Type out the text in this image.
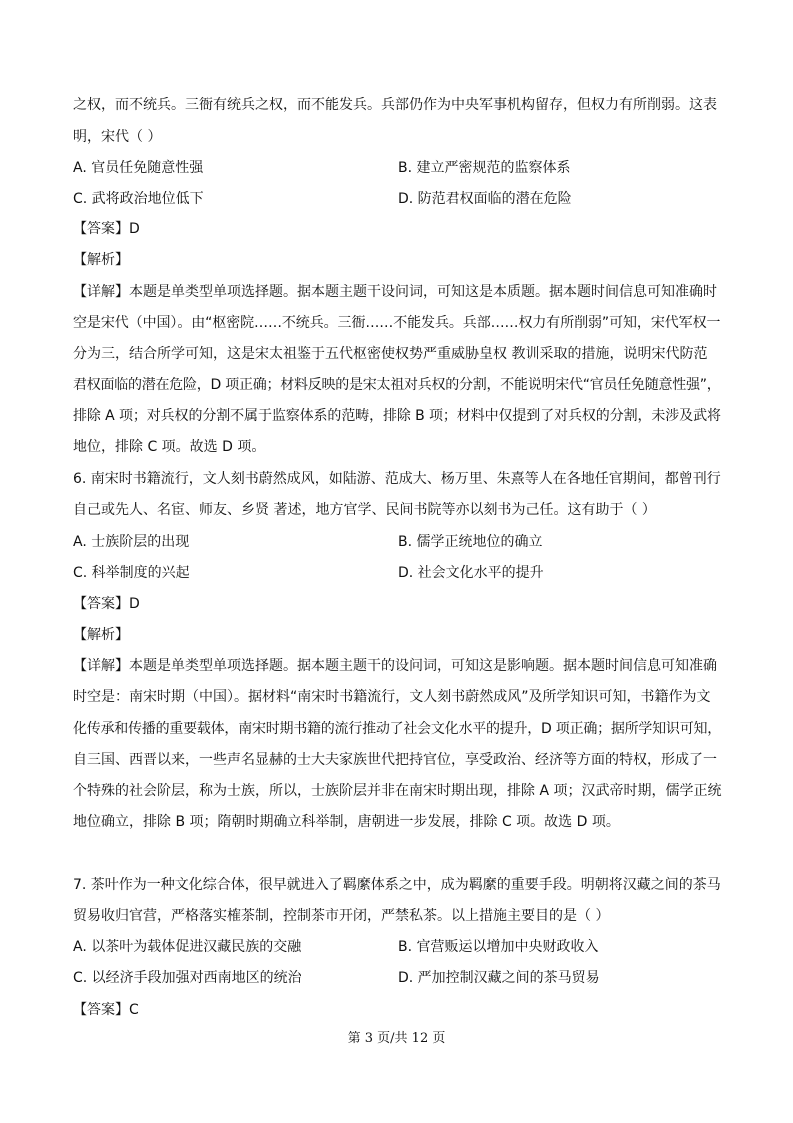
之权，而不统兵。三衙有统兵之权，而不能发兵。兵部仍作为中央军事机构留存，但权力有所削弱。这表
明，宋代（ ）
A. 官员任免随意性强	B. 建立严密规范的监察体系
C. 武将政治地位低下	D. 防范君权面临的潜在危险
【答案】D
【解析】
【详解】本题是单类型单项选择题。据本题主题干设问词，可知这是本质题。据本题时间信息可知准确时
空是宋代（中国）。由“枢密院……不统兵。三衙……不能发兵。兵部……权力有所削弱”可知，宋代军权一
分为三，结合所学可知，这是宋太祖鉴于五代枢密使权势严重威胁皇权 教训采取的措施，说明宋代防范
君权面临的潜在危险，D 项正确；材料反映的是宋太祖对兵权的分割，不能说明宋代“官员任免随意性强”，
排除 A 项；对兵权的分割不属于监察体系的范畴，排除 B 项；材料中仅提到了对兵权的分割，未涉及武将
地位，排除 C 项。故选 D 项。
6. 南宋时书籍流行，文人刻书蔚然成风，如陆游、范成大、杨万里、朱熹等人在各地任官期间，都曾刊行
自己或先人、名宦、师友、乡贤 著述，地方官学、民间书院等亦以刻书为己任。这有助于（ ）
A. 士族阶层的出现	B. 儒学正统地位的确立
C. 科举制度的兴起	D. 社会文化水平的提升
【答案】D
【解析】
【详解】本题是单类型单项选择题。据本题主题干的设问词，可知这是影响题。据本题时间信息可知准确
时空是：南宋时期（中国）。据材料“南宋时书籍流行，文人刻书蔚然成风”及所学知识可知，书籍作为文
化传承和传播的重要载体，南宋时期书籍的流行推动了社会文化水平的提升，D 项正确；据所学知识可知，
自三国、西晋以来，一些声名显赫的士大夫家族世代把持官位，享受政治、经济等方面的特权，形成了一
个特殊的社会阶层，称为士族，所以，士族阶层并非在南宋时期出现，排除 A 项；汉武帝时期，儒学正统
地位确立，排除 B 项；隋朝时期确立科举制，唐朝进一步发展，排除 C 项。故选 D 项。
7. 茶叶作为一种文化综合体，很早就进入了羁縻体系之中，成为羁縻的重要手段。明朝将汉藏之间的茶马
贸易收归官营，严格落实榷茶制，控制茶市开闭，严禁私茶。以上措施主要目的是（ ）
A. 以茶叶为载体促进汉藏民族的交融	B. 官营贩运以增加中央财政收入
C. 以经济手段加强对西南地区的统治	D. 严加控制汉藏之间的茶马贸易
【答案】C
第 3 页/共 12 页
